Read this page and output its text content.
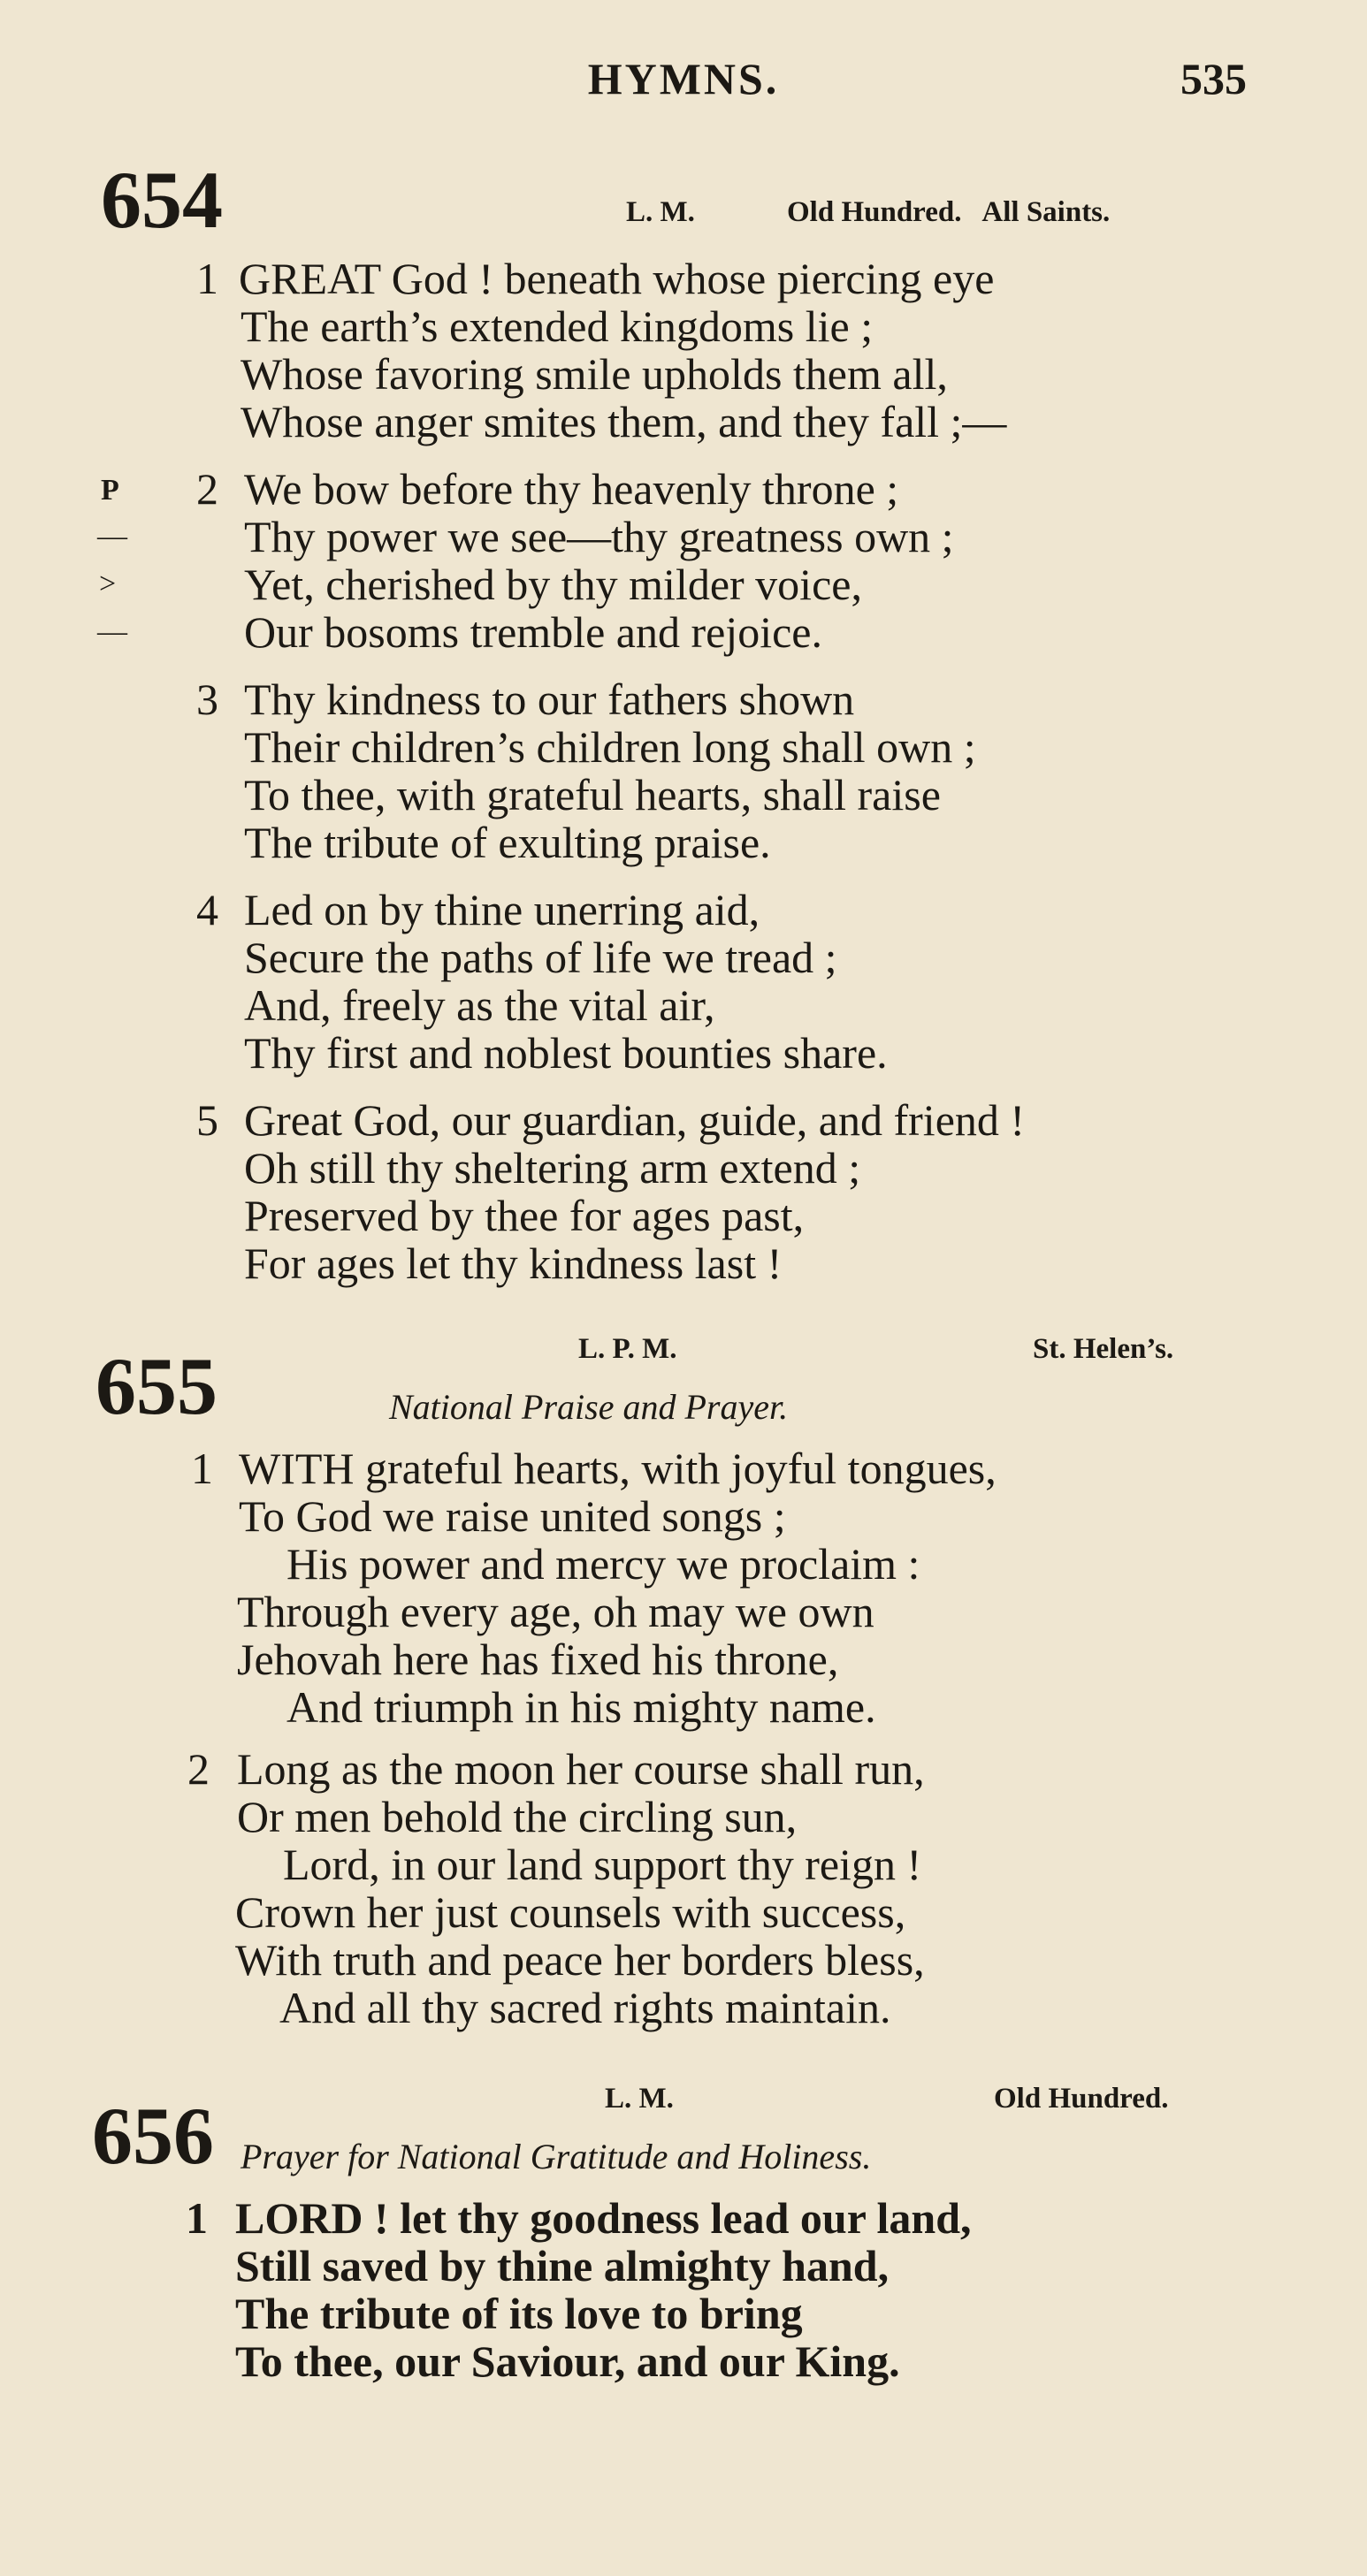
HYMNS.	535
654	L. M.	Old Hundred.   All Saints.
1 GREAT God ! beneath whose piercing eye
The earth’s extended kingdoms lie ;
Whose favoring smile upholds them all,
Whose anger smites them, and they fall ;—
P
—
>
—
2 We bow before thy heavenly throne ;
Thy power we see—thy greatness own ;
Yet, cherished by thy milder voice,
Our bosoms tremble and rejoice.
3 Thy kindness to our fathers shown
Their children’s children long shall own ;
To thee, with grateful hearts, shall raise
The tribute of exulting praise.
4 Led on by thine unerring aid,
Secure the paths of life we tread ;
And, freely as the vital air,
Thy first and noblest bounties share.
5 Great God, our guardian, guide, and friend !
Oh still thy sheltering arm extend ;
Preserved by thee for ages past,
For ages let thy kindness last !
L. P. M.	St. Helen’s.
655	National Praise and Prayer.
1 WITH grateful hearts, with joyful tongues,
To God we raise united songs ;
His power and mercy we proclaim :
Through every age, oh may we own
Jehovah here has fixed his throne,
And triumph in his mighty name.
2 Long as the moon her course shall run,
Or men behold the circling sun,
Lord, in our land support thy reign !
Crown her just counsels with success,
With truth and peace her borders bless,
And all thy sacred rights maintain.
L. M.	Old Hundred.
656 Prayer for National Gratitude and Holiness.
1 LORD ! let thy goodness lead our land,
Still saved by thine almighty hand,
The tribute of its love to bring
To thee, our Saviour, and our King.
